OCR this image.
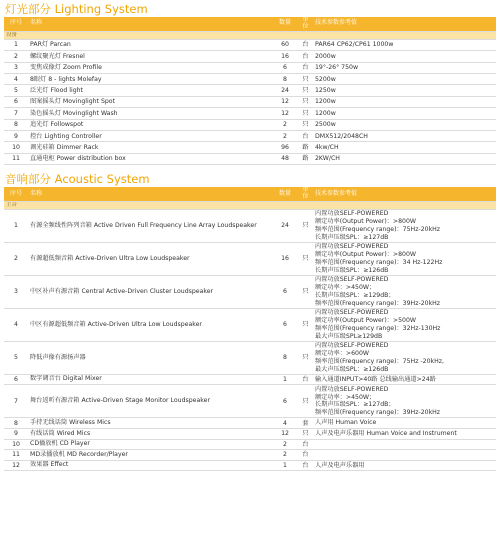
灯光部分 Lighting System
序号	名称	数量	单位	技术参数参考值
设备				
1	PAR灯 Parcan	60	台	PAR64 CP62/CP61 1000w
2	螺纹聚光灯 Fresnel	16	台	2000w
3	变焦成像灯 Zoom Profile	6	台	19°-26° 750w
4	8眼灯 8 - lights Molefay	8	只	5200w
5	泛光灯 Flood light	24	只	1250w
6	图案摇头灯 Movinglight Spot	12	只	1200w
7	染色摇头灯 Movinglight Wash	12	只	1200w
8	追光灯 Followspot	2	只	2500w
9	控台 Lighting Controller	2	台	DMX512/2048CH
10	调光硅箱 Dimmer Rack	96	路	4kw/CH
11	直通电柜 Power distribution box	48	路	2KW/CH
音响部分 Acoustic System
序号	名称	数量	单位	技术参数参考值
主音				
1	有源全频线性阵列音箱 Active Driven Full Frequency Line Array Loudspeaker	24	只	内置功放SELF-POWERED
额定功率(Output Power)：>800W
频率范围(Frequency range)：75Hz-20kHz
长期声压级SPL：≥127dB

2	有源超低频音箱 Active-Driven Ultra Low Loudspeaker	16	只	内置功放SELF-POWERED
额定功率(Output Power)：>800W
频率范围(Frequency range)：34 Hz-122Hz
长期声压级SPL：≥126dB

3	中区补声有源音箱 Central Active-Driven Cluster Loudspeaker	6	只	内置功放SELF-POWERED
额定功率：>450W；
长期声压级SPL：≥129dB；
频率范围(Frequency range)：39Hz-20kHz

4	中区有源超低频音箱 Active-Driven Ultra Low Loudspeaker	6	只	内置功放SELF-POWERED
额定功率(Output Power)：>500W
频率范围(Frequency range)：32Hz-130Hz
最大声压级SPL≥129dB

5	降低声像有源扬声器	8	只	内置功放SELF-POWERED
额定功率：>600W
频率范围(Frequency range)：75Hz -20kHz,
最大声压级SPL：≥126dB

6	数字调音台 Digital Mixer	1	台	输入通道INPUT>40路 总线输出通道>24路

7	舞台返听有源音箱 Active-Driven Stage Monitor Loudspeaker	6	只	内置功放SELF-POWERED
额定功率：>450W；
长期声压级SPL：≥127dB；
频率范围(Frequency range)：39Hz-20kHz

8	手持无线话筒 Wireless Mics	4	套	人声用 Human Voice

9	有线话筒 Wired Mics	12	只	人声及电声乐器用 Human Voice and Instrument

10	CD播放机 CD Player	2	台	

11	MD录播放机 MD Recorder/Player	2	台	

12	效果器 Effect	1	台	人声及电声乐器用
